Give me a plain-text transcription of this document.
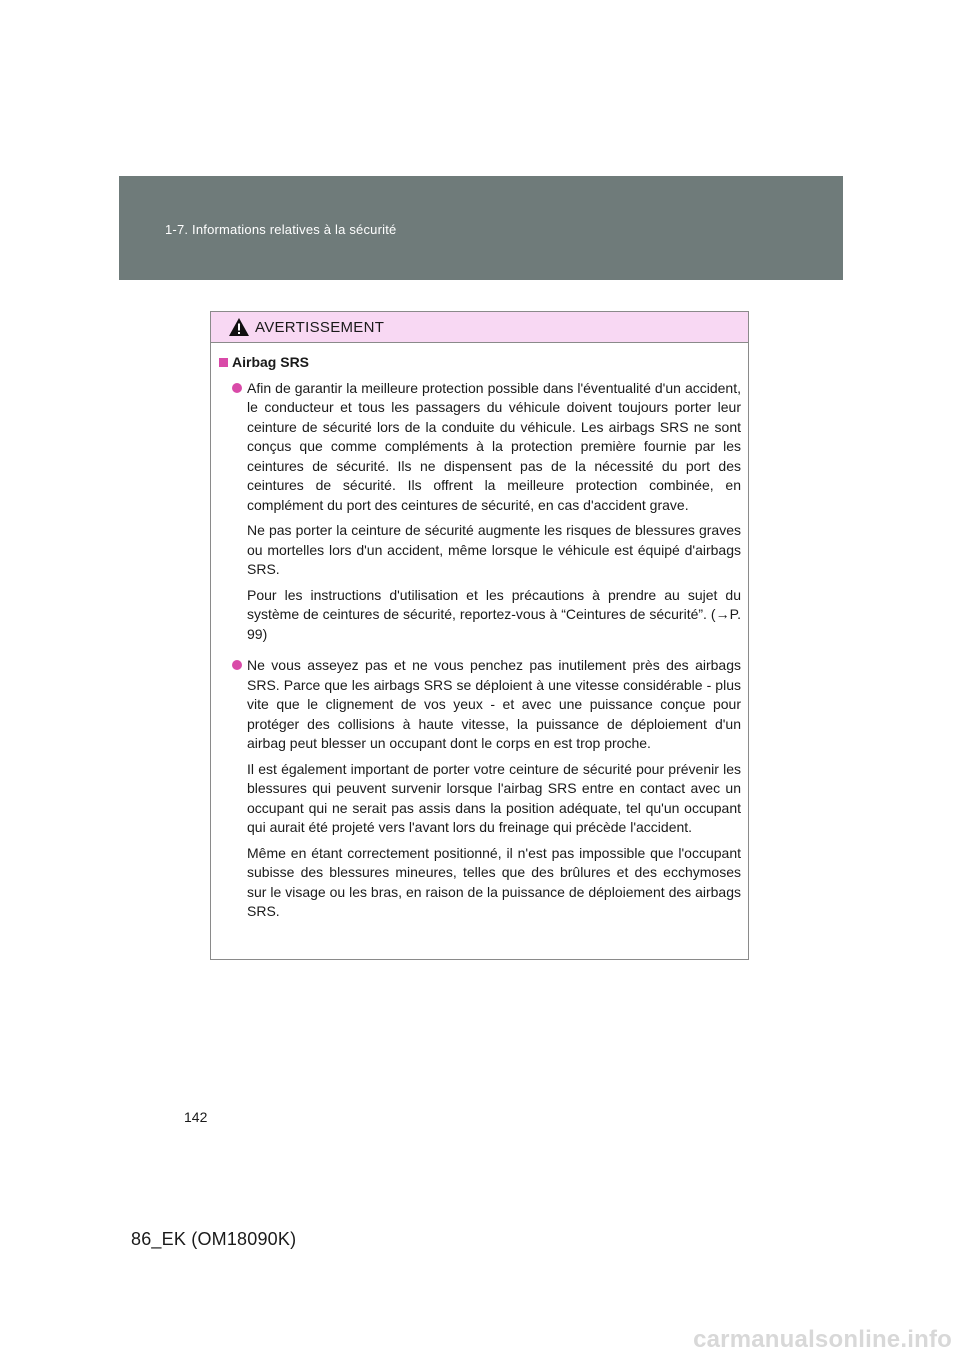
1-7. Informations relatives à la sécurité
AVERTISSEMENT
Airbag SRS

Afin de garantir la meilleure protection possible dans l'éventualité d'un accident, le conducteur et tous les passagers du véhicule doivent toujours porter leur ceinture de sécurité lors de la conduite du véhicule. Les airbags SRS ne sont conçus que comme compléments à la protection première fournie par les ceintures de sécurité. Ils ne dispensent pas de la nécessité du port des ceintures de sécurité. Ils offrent la meilleure protection combinée, en complément du port des ceintures de sécurité, en cas d'accident grave.

Ne pas porter la ceinture de sécurité augmente les risques de blessures graves ou mortelles lors d'un accident, même lorsque le véhicule est équipé d'airbags SRS.

Pour les instructions d'utilisation et les précautions à prendre au sujet du système de ceintures de sécurité, reportez-vous à “Ceintures de sécurité”. (→P. 99)

Ne vous asseyez pas et ne vous penchez pas inutilement près des airbags SRS. Parce que les airbags SRS se déploient à une vitesse considérable - plus vite que le clignement de vos yeux - et avec une puissance conçue pour protéger des collisions à haute vitesse, la puissance de déploiement d'un airbag peut blesser un occupant dont le corps en est trop proche.

Il est également important de porter votre ceinture de sécurité pour prévenir les blessures qui peuvent survenir lorsque l'airbag SRS entre en contact avec un occupant qui ne serait pas assis dans la position adéquate, tel qu'un occupant qui aurait été projeté vers l'avant lors du freinage qui précède l'accident.

Même en étant correctement positionné, il n'est pas impossible que l'occupant subisse des blessures mineures, telles que des brûlures et des ecchymoses sur le visage ou les bras, en raison de la puissance de déploiement des airbags SRS.

142
86_EK (OM18090K)
carmanualsonline.info
